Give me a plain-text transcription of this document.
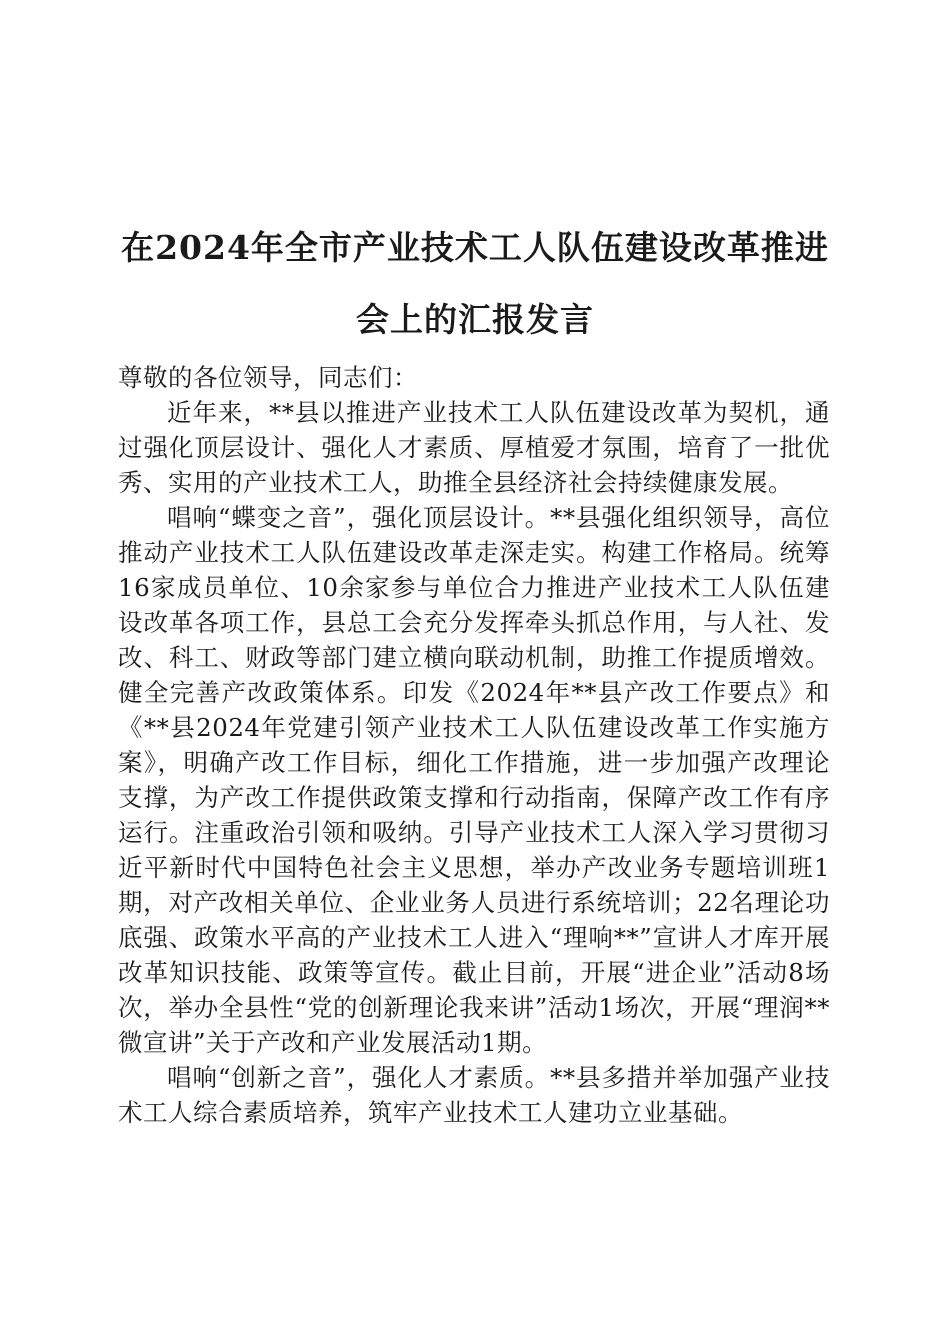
在2024年全市产业技术工人队伍建设改革推进会上的汇报发言

尊敬的各位领导，同志们：

近年来，**县以推进产业技术工人队伍建设改革为契机，通过强化顶层设计、强化人才素质、厚植爱才氛围，培育了一批优秀、实用的产业技术工人，助推全县经济社会持续健康发展。

唱响“蝶变之音”，强化顶层设计。**县强化组织领导，高位推动产业技术工人队伍建设改革走深走实。构建工作格局。统筹16家成员单位、10余家参与单位合力推进产业技术工人队伍建设改革各项工作，县总工会充分发挥牵头抓总作用，与人社、发改、科工、财政等部门建立横向联动机制，助推工作提质增效。健全完善产改政策体系。印发《2024年**县产改工作要点》和《**县2024年党建引领产业技术工人队伍建设改革工作实施方案》，明确产改工作目标，细化工作措施，进一步加强产改理论支撑，为产改工作提供政策支撑和行动指南，保障产改工作有序运行。注重政治引领和吸纳。引导产业技术工人深入学习贯彻习近平新时代中国特色社会主义思想，举办产改业务专题培训班1期，对产改相关单位、企业业务人员进行系统培训；22名理论功底强、政策水平高的产业技术工人进入“理响**”宣讲人才库开展改革知识技能、政策等宣传。截止目前，开展“进企业”活动8场次，举办全县性“党的创新理论我来讲”活动1场次，开展“理润**微宣讲”关于产改和产业发展活动1期。

唱响“创新之音”，强化人才素质。**县多措并举加强产业技术工人综合素质培养，筑牢产业技术工人建功立业基础。
